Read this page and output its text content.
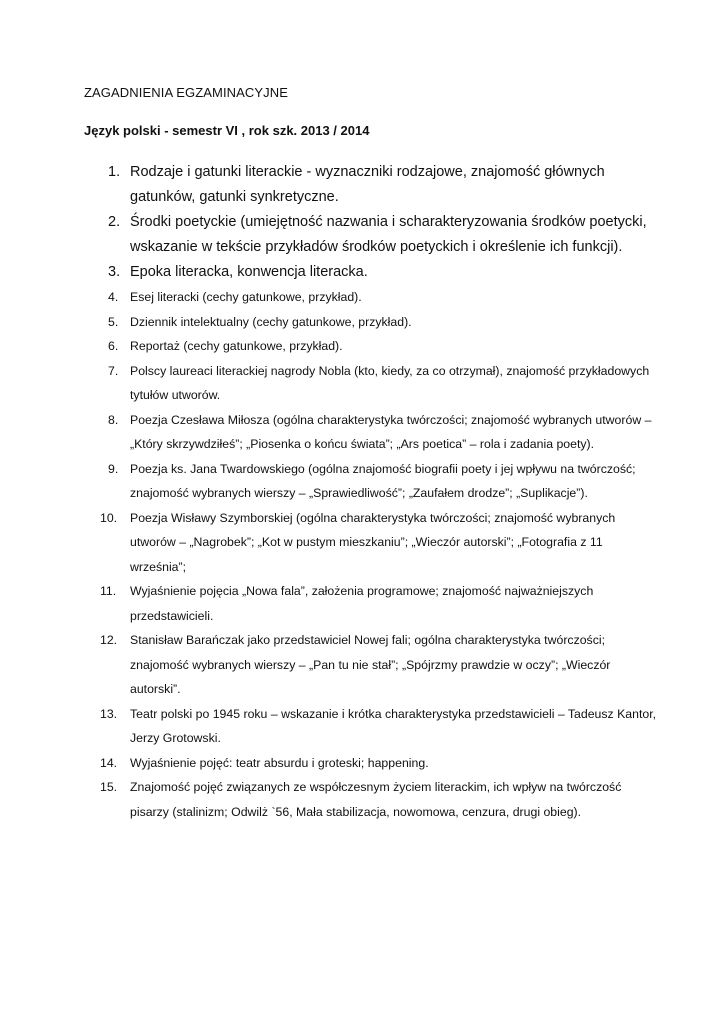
ZAGADNIENIA EGZAMINACYJNE
Język polski - semestr VI , rok szk. 2013 / 2014
1. Rodzaje i gatunki literackie - wyznaczniki rodzajowe, znajomość głównych gatunków, gatunki synkretyczne.
2. Środki poetyckie (umiejętność nazwania i scharakteryzowania środków poetycki, wskazanie w tekście przykładów środków poetyckich i określenie ich funkcji).
3. Epoka literacka, konwencja literacka.
4. Esej literacki (cechy gatunkowe, przykład).
5. Dziennik intelektualny (cechy gatunkowe, przykład).
6. Reportaż (cechy gatunkowe, przykład).
7. Polscy laureaci literackiej nagrody Nobla (kto, kiedy, za co otrzymał), znajomość przykładowych tytułów utworów.
8. Poezja Czesława Miłosza (ogólna charakterystyka twórczości; znajomość wybranych utworów – „Który skrzywdziłeś”; „Piosenka o końcu świata”; „Ars poetica” – rola i zadania poety).
9. Poezja ks. Jana Twardowskiego (ogólna znajomość biografii poety i jej wpływu na twórczość; znajomość wybranych wierszy – „Sprawiedliwość”; „Zaufałem drodze”; „Suplikacje”).
10.	Poezja Wisławy Szymborskiej (ogólna charakterystyka twórczości; znajomość wybranych utworów – „Nagrobek”; „Kot w pustym mieszkaniu”; „Wieczór autorski”; „Fotografia z 11 września”;
11.	Wyjaśnienie pojęcia „Nowa fala”, założenia programowe; znajomość najważniejszych przedstawicieli.
12.	Stanisław Barańczak jako przedstawiciel Nowej fali; ogólna charakterystyka twórczości; znajomość wybranych wierszy – „Pan tu nie stał”; „Spójrzmy prawdzie w oczy”; „Wieczór autorski”.
13.	Teatr polski po 1945 roku – wskazanie i krótka charakterystyka przedstawicieli – Tadeusz Kantor, Jerzy Grotowski.
14.	Wyjaśnienie pojęć: teatr absurdu i groteski; happening.
15.	Znajomość pojęć związanych ze współczesnym życiem literackim, ich wpływ na twórczość pisarzy (stalinizm; Odwilż `56, Mała stabilizacja, nowomowa, cenzura, drugi obieg).
